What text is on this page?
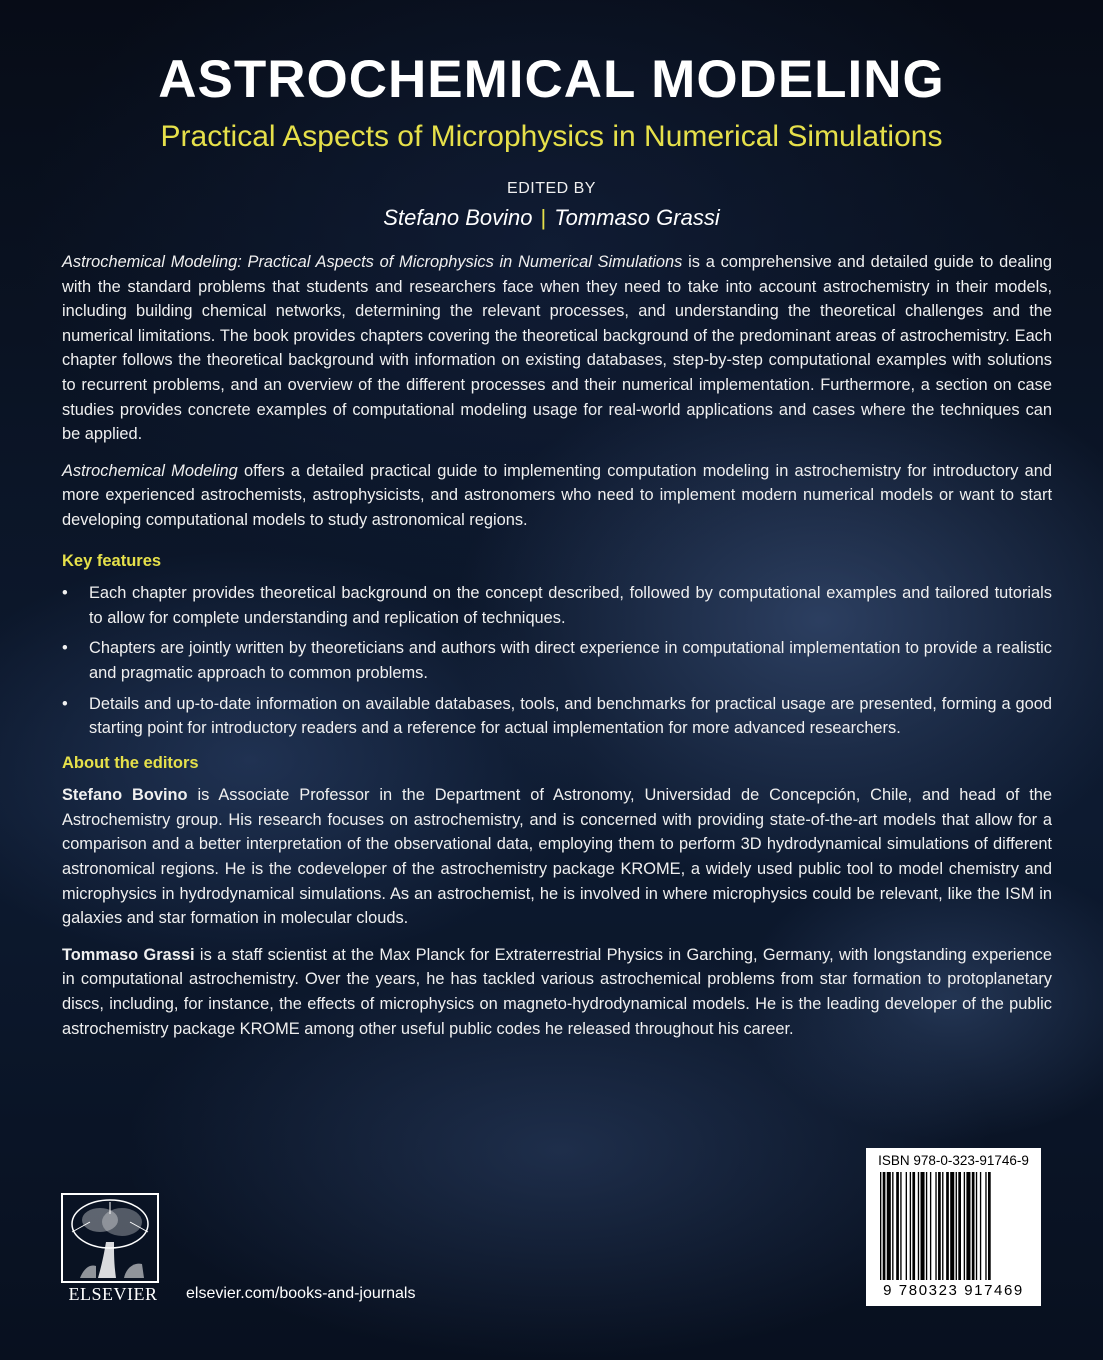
ASTROCHEMICAL MODELING
Practical Aspects of Microphysics in Numerical Simulations
EDITED BY
Stefano Bovino | Tommaso Grassi

Astrochemical Modeling: Practical Aspects of Microphysics in Numerical Simulations is a comprehensive and detailed guide to dealing with the standard problems that students and researchers face when they need to take into account astrochemistry in their models, including building chemical networks, determining the relevant processes, and understanding the theoretical challenges and the numerical limitations. The book provides chapters covering the theoretical background of the predominant areas of astrochemistry. Each chapter follows the theoretical background with information on existing databases, step-by-step computational examples with solutions to recurrent problems, and an overview of the different processes and their numerical implementation. Furthermore, a section on case studies provides concrete examples of computational modeling usage for real-world applications and cases where the techniques can be applied.

Astrochemical Modeling offers a detailed practical guide to implementing computation modeling in astrochemistry for introductory and more experienced astrochemists, astrophysicists, and astronomers who need to implement modern numerical models or want to start developing computational models to study astronomical regions.

Key features
• Each chapter provides theoretical background on the concept described, followed by computational examples and tailored tutorials to allow for complete understanding and replication of techniques.
• Chapters are jointly written by theoreticians and authors with direct experience in computational implementation to provide a realistic and pragmatic approach to common problems.
• Details and up-to-date information on available databases, tools, and benchmarks for practical usage are presented, forming a good starting point for introductory readers and a reference for actual implementation for more advanced researchers.
About the editors

Stefano Bovino is Associate Professor in the Department of Astronomy, Universidad de Concepción, Chile, and head of the Astrochemistry group. His research focuses on astrochemistry, and is concerned with providing state-of-the-art models that allow for a comparison and a better interpretation of the observational data, employing them to perform 3D hydrodynamical simulations of different astronomical regions. He is the codeveloper of the astrochemistry package KROME, a widely used public tool to model chemistry and microphysics in hydrodynamical simulations. As an astrochemist, he is involved in where microphysics could be relevant, like the ISM in galaxies and star formation in molecular clouds.

Tommaso Grassi is a staff scientist at the Max Planck for Extraterrestrial Physics in Garching, Germany, with longstanding experience in computational astrochemistry. Over the years, he has tackled various astrochemical problems from star formation to protoplanetary discs, including, for instance, the effects of microphysics on magneto-hydrodynamical models. He is the leading developer of the public astrochemistry package KROME among other useful public codes he released throughout his career.

ELSEVIER	elsevier.com/books-and-journals
ISBN 978-0-323-91746-9
9 780323 917469
